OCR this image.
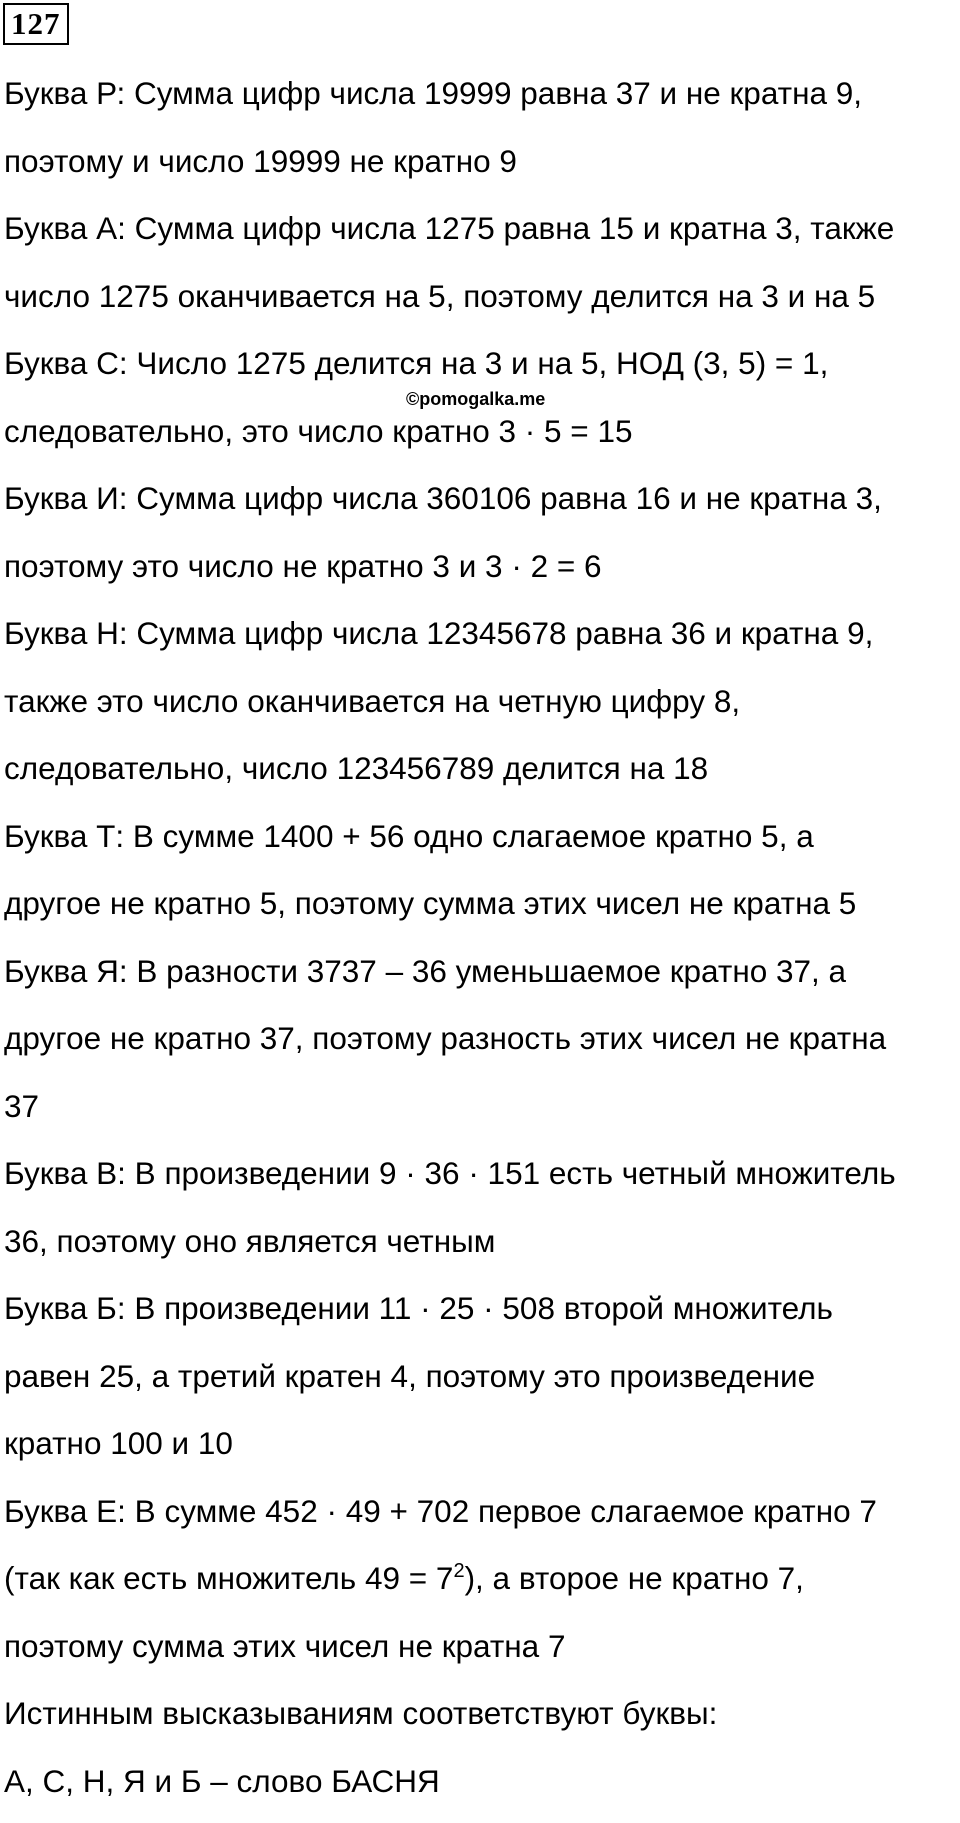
127
Буква Р: Сумма цифр числа 19999 равна 37 и не кратна 9,
поэтому и число 19999 не кратно 9
Буква А: Сумма цифр числа 1275 равна 15 и кратна 3, также
число 1275 оканчивается на 5, поэтому делится на 3 и на 5
Буква С: Число 1275 делится на 3 и на 5, НОД (3, 5) = 1,
следовательно, это число кратно 3 · 5 = 15
Буква И: Сумма цифр числа 360106 равна 16 и не кратна 3,
поэтому это число не кратно 3 и 3 · 2 = 6
Буква Н: Сумма цифр числа 12345678 равна 36 и кратна 9,
также это число оканчивается на четную цифру 8,
следовательно, число 123456789 делится на 18
Буква Т: В сумме 1400 + 56 одно слагаемое кратно 5, а
другое не кратно 5, поэтому сумма этих чисел не кратна 5
Буква Я: В разности 3737 – 36 уменьшаемое кратно 37, а
другое не кратно 37, поэтому разность этих чисел не кратна
37
Буква В: В произведении 9 · 36 · 151 есть четный множитель
36, поэтому оно является четным
Буква Б: В произведении 11 · 25 · 508 второй множитель
равен 25, а третий кратен 4, поэтому это произведение
кратно 100 и 10
Буква Е: В сумме 452 · 49 + 702 первое слагаемое кратно 7
(так как есть множитель $49 = 7^2$), а второе не кратно 7,
поэтому сумма этих чисел не кратна 7
Истинным высказываниям соответствуют буквы:
А, С, Н, Я и Б – слово БАСНЯ
©pomogalka.me
